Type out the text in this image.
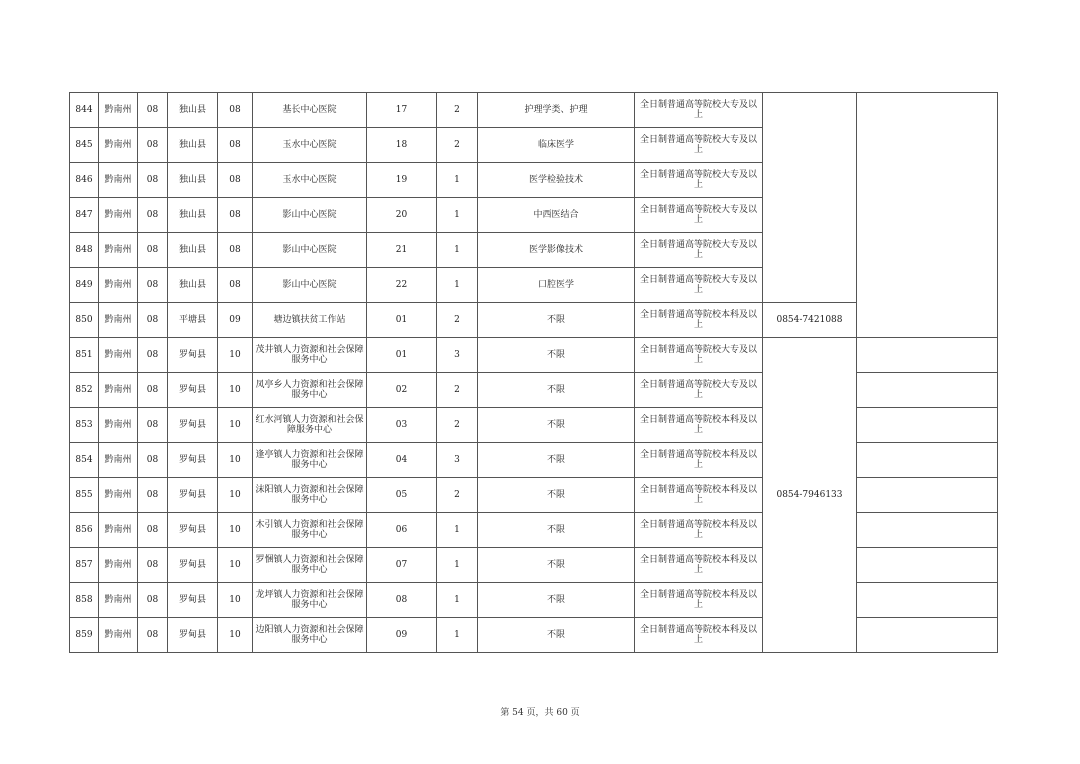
844	黔南州	08	独山县	08	基长中心医院	17	2	护理学类、护理	全日制普通高等院校大专及以上		
845	黔南州	08	独山县	08	玉水中心医院	18	2	临床医学	全日制普通高等院校大专及以上		
846	黔南州	08	独山县	08	玉水中心医院	19	1	医学检验技术	全日制普通高等院校大专及以上		
847	黔南州	08	独山县	08	影山中心医院	20	1	中西医结合	全日制普通高等院校大专及以上		
848	黔南州	08	独山县	08	影山中心医院	21	1	医学影像技术	全日制普通高等院校大专及以上		
849	黔南州	08	独山县	08	影山中心医院	22	1	口腔医学	全日制普通高等院校大专及以上		
850	黔南州	08	平塘县	09	塘边镇扶贫工作站	01	2	不限	全日制普通高等院校本科及以上	0854-7421088	
851	黔南州	08	罗甸县	10	茂井镇人力资源和社会保障服务中心	01	3	不限	全日制普通高等院校大专及以上	0854-7946133	
852	黔南州	08	罗甸县	10	凤亭乡人力资源和社会保障服务中心	02	2	不限	全日制普通高等院校大专及以上		
853	黔南州	08	罗甸县	10	红水河镇人力资源和社会保障服务中心	03	2	不限	全日制普通高等院校本科及以上		
854	黔南州	08	罗甸县	10	逢亭镇人力资源和社会保障服务中心	04	3	不限	全日制普通高等院校本科及以上		
855	黔南州	08	罗甸县	10	沫阳镇人力资源和社会保障服务中心	05	2	不限	全日制普通高等院校本科及以上		
856	黔南州	08	罗甸县	10	木引镇人力资源和社会保障服务中心	06	1	不限	全日制普通高等院校本科及以上		
857	黔南州	08	罗甸县	10	罗悃镇人力资源和社会保障服务中心	07	1	不限	全日制普通高等院校本科及以上		
858	黔南州	08	罗甸县	10	龙坪镇人力资源和社会保障服务中心	08	1	不限	全日制普通高等院校本科及以上		
859	黔南州	08	罗甸县	10	边阳镇人力资源和社会保障服务中心	09	1	不限	全日制普通高等院校本科及以上		
第 54 页，共 60 页
